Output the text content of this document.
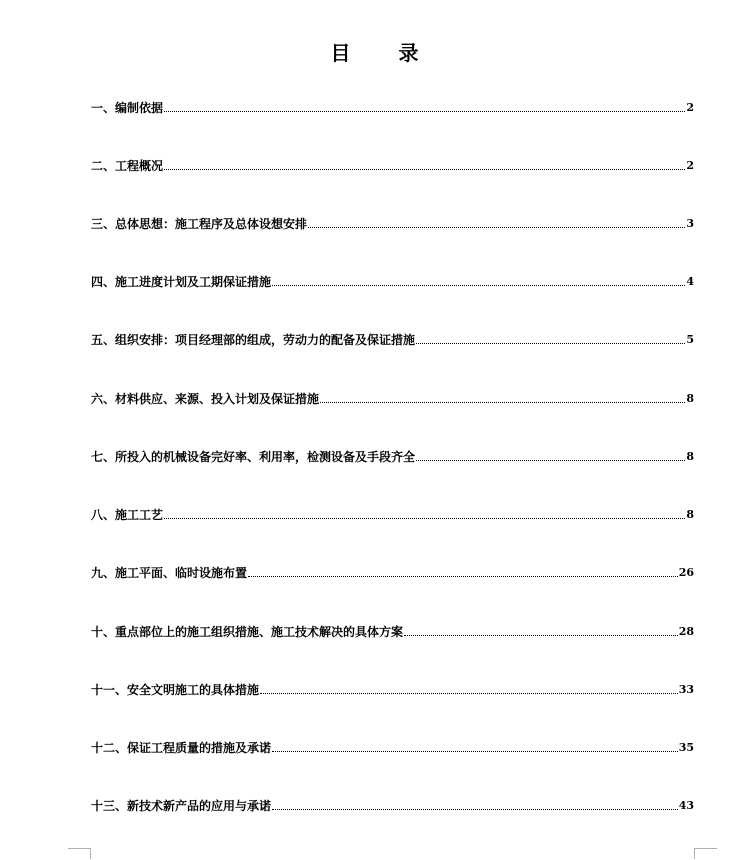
目　录
一、编制依据	2
二、工程概况	2
三、总体思想：施工程序及总体设想安排	3
四、施工进度计划及工期保证措施	4
五、组织安排：项目经理部的组成，劳动力的配备及保证措施	5
六、材料供应、来源、投入计划及保证措施	8
七、所投入的机械设备完好率、利用率，检测设备及手段齐全	8
八、施工工艺	8
九、施工平面、临时设施布置	26
十、重点部位上的施工组织措施、施工技术解决的具体方案	28
十一、安全文明施工的具体措施	33
十二、保证工程质量的措施及承诺	35
十三、新技术新产品的应用与承诺	43
